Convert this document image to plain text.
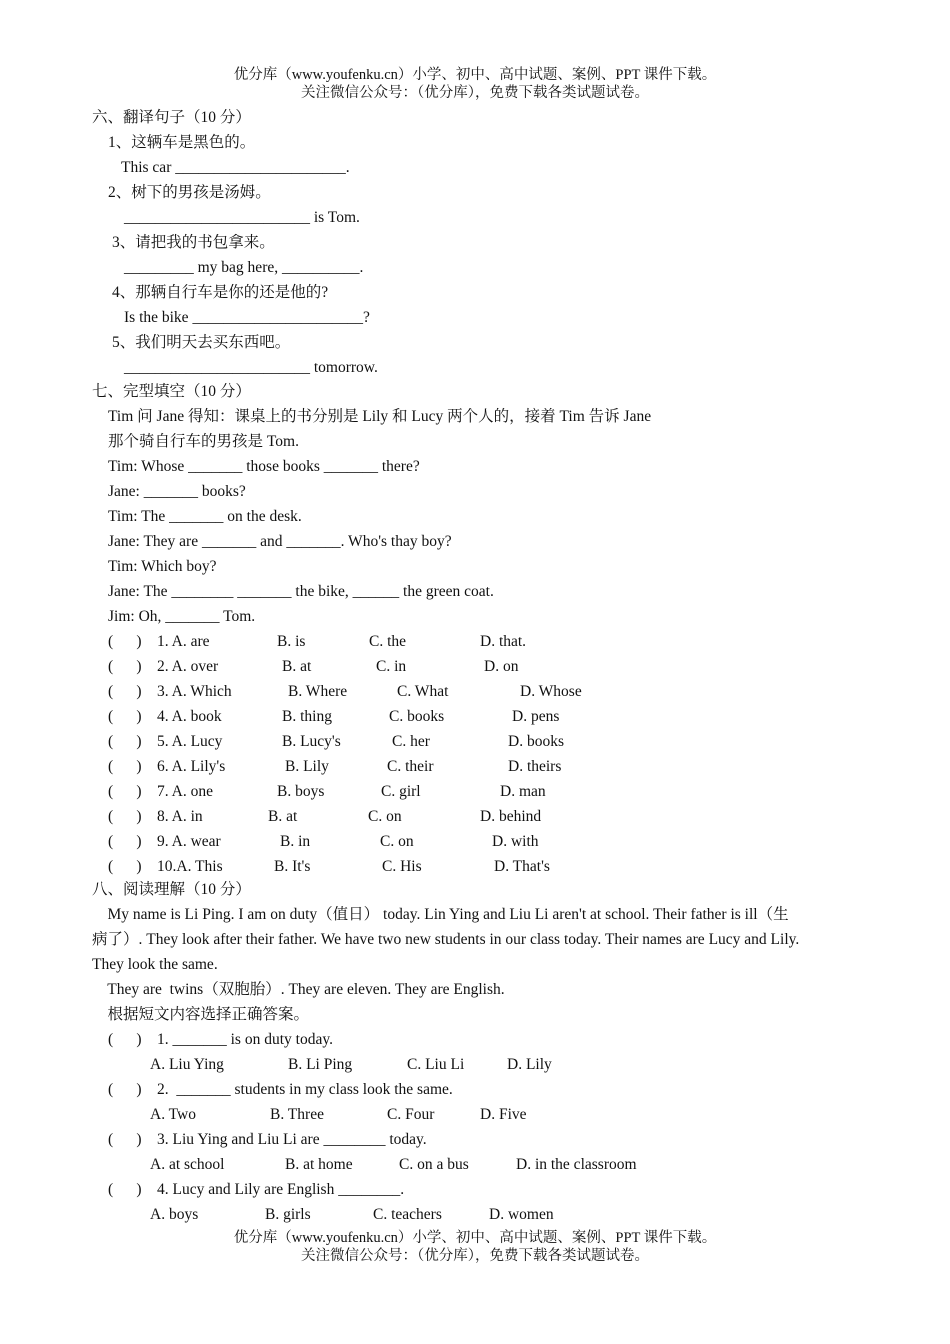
优分库（www.youfenku.cn）小学、初中、高中试题、案例、PPT 课件下载。
关注微信公众号：（优分库），免费下载各类试题试卷。
六、翻译句子（10 分）
1、这辆车是黑色的。
This car ______________________.
2、树下的男孩是汤姆。
________________________ is Tom.
3、请把我的书包拿来。
_________ my bag here, __________.
4、那辆自行车是你的还是他的?
Is the bike ______________________?
5、我们明天去买东西吧。
________________________ tomorrow.
七、完型填空（10 分）
Tim 问 Jane 得知：课桌上的书分别是 Lily 和 Lucy 两个人的，接着 Tim 告诉 Jane
那个骑自行车的男孩是 Tom.
Tim: Whose _______ those books _______ there?
Jane: _______ books?
Tim: The _______ on the desk.
Jane: They are _______ and _______. Who's thay boy?
Tim: Which boy?
Jane: The ________ _______ the bike, ______ the green coat.
Jim: Oh, _______ Tom.
(      ) 1. A. are	B. is	C. the	D. that.
(      ) 2. A. over	B. at	C. in	D. on
(      ) 3. A. Which	B. Where	C. What	D. Whose
(      ) 4. A. book	B. thing	C. books	D. pens
(      ) 5. A. Lucy	B. Lucy's	C. her	D. books
(      ) 6. A. Lily's	B. Lily	C. their	D. theirs
(      ) 7. A. one	B. boys	C. girl	D. man
(      ) 8. A. in	B. at	C. on	D. behind
(      ) 9. A. wear	B. in	C. on	D. with
(      ) 10.A. This	B. It's	C. His	D. That's
八、阅读理解（10 分）
My name is Li Ping. I am on duty（值日） today. Lin Ying and Liu Li aren't at school. Their father is ill（生
病了）. They look after their father. We have two new students in our class today. Their names are Lucy and Lily.
They look the same.
They are  twins（双胞胎）. They are eleven. They are English.
根据短文内容选择正确答案。
(      ) 1. _______ is on duty today.
A. Liu Ying	B. Li Ping	C. Liu Li	D. Lily
(      ) 2.  _______ students in my class look the same.
A. Two	B. Three	C. Four	D. Five
(      ) 3. Liu Ying and Liu Li are ________ today.
A. at school	B. at home	C. on a bus	D. in the classroom
(      ) 4. Lucy and Lily are English ________.
A. boys	B. girls	C. teachers	D. women
优分库（www.youfenku.cn）小学、初中、高中试题、案例、PPT 课件下载。
关注微信公众号：（优分库），免费下载各类试题试卷。
